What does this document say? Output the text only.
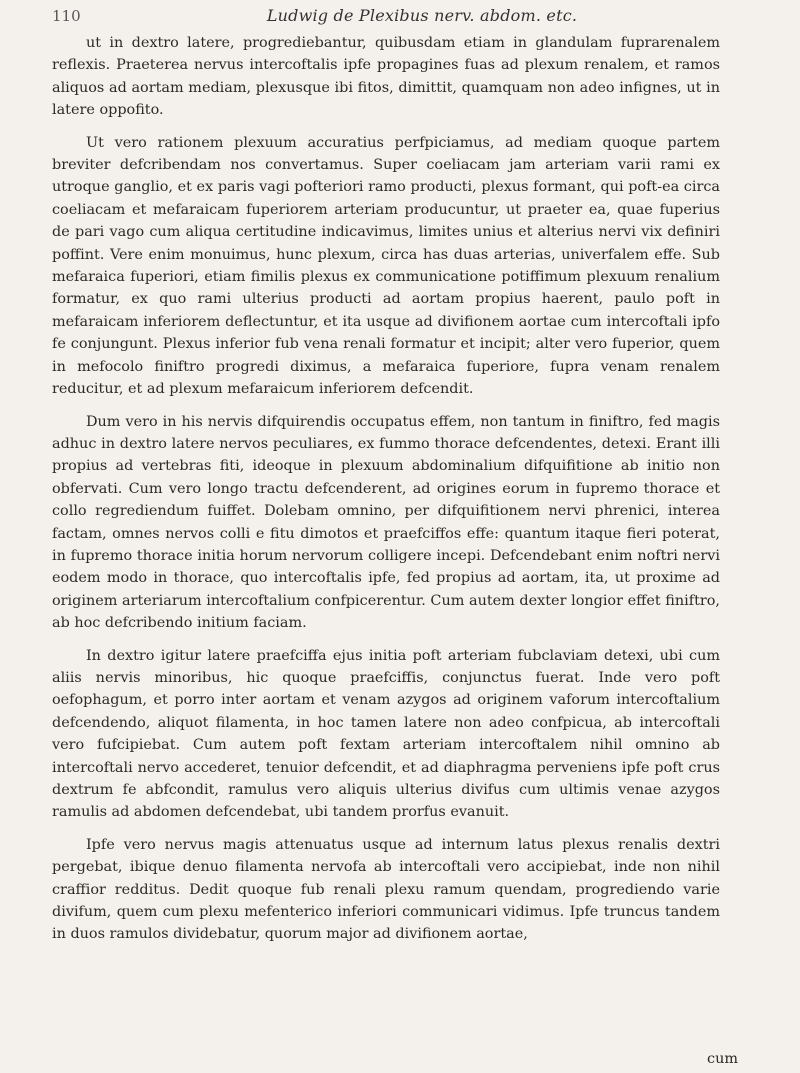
110	Ludwig de Plexibus nerv. abdom. etc.

ut in dextro latere, progrediebantur, quibusdam etiam in glandulam fuprarenalem reflexis. Praeterea nervus intercoftalis ipfe propagines fuas ad plexum renalem, et ramos aliquos ad aortam mediam, plexusque ibi fitos, dimittit, quamquam non adeo infignes, ut in latere oppofito.

Ut vero rationem plexuum accuratius perfpiciamus, ad mediam quoque partem breviter defcribendam nos convertamus. Super coeliacam jam arteriam varii rami ex utroque ganglio, et ex paris vagi pofteriori ramo producti, plexus formant, qui poft-ea circa coeliacam et mefaraicam fuperiorem arteriam producuntur, ut praeter ea, quae fuperius de pari vago cum aliqua certitudine indicavimus, limites unius et alterius nervi vix definiri poffint. Vere enim monuimus, hunc plexum, circa has duas arterias, univerfalem effe. Sub mefaraica fuperiori, etiam fimilis plexus ex communicatione potiffimum plexuum renalium formatur, ex quo rami ulterius producti ad aortam propius haerent, paulo poft in mefaraicam inferiorem deflectuntur, et ita usque ad divifionem aortae cum intercoftali ipfo fe conjungunt. Plexus inferior fub vena renali formatur et incipit; alter vero fuperior, quem in mefocolo finiftro progredi diximus, a mefaraica fuperiore, fupra venam renalem reducitur, et ad plexum mefaraicum inferiorem defcendit.

Dum vero in his nervis difquirendis occupatus effem, non tantum in finiftro, fed magis adhuc in dextro latere nervos peculiares, ex fummo thorace defcendentes, detexi. Erant illi propius ad vertebras fiti, ideoque in plexuum abdominalium difquifitione ab initio non obfervati. Cum vero longo tractu defcenderent, ad origines eorum in fupremo thorace et collo regrediendum fuiffet. Dolebam omnino, per difquifitionem nervi phrenici, interea factam, omnes nervos colli e fitu dimotos et praefciffos effe: quantum itaque fieri poterat, in fupremo thorace initia horum nervorum colligere incepi. Defcendebant enim noftri nervi eodem modo in thorace, quo intercoftalis ipfe, fed propius ad aortam, ita, ut proxime ad originem arteriarum intercoftalium confpicerentur. Cum autem dexter longior effet finiftro, ab hoc defcribendo initium faciam.

In dextro igitur latere praefciffa ejus initia poft arteriam fubclaviam detexi, ubi cum aliis nervis minoribus, hic quoque praefciffis, conjunctus fuerat. Inde vero poft oefophagum, et porro inter aortam et venam azygos ad originem vaforum intercoftalium defcendendo, aliquot filamenta, in hoc tamen latere non adeo confpicua, ab intercoftali vero fufcipiebat. Cum autem poft fextam arteriam intercoftalem nihil omnino ab intercoftali nervo accederet, tenuior defcendit, et ad diaphragma perveniens ipfe poft crus dextrum fe abfcondit, ramulus vero aliquis ulterius divifus cum ultimis venae azygos ramulis ad abdomen defcendebat, ubi tandem prorfus evanuit.

Ipfe vero nervus magis attenuatus usque ad internum latus plexus renalis dextri pergebat, ibique denuo filamenta nervofa ab intercoftali vero accipiebat, inde non nihil craffior redditus. Dedit quoque fub renali plexu ramum quendam, progrediendo varie divifum, quem cum plexu mefenterico inferiori communicari vidimus. Ipfe truncus tandem in duos ramulos dividebatur, quorum major ad divifionem aortae,

cum
